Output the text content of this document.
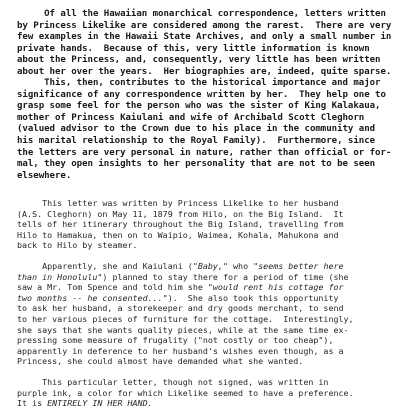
Of all the Hawaiian monarchical correspondence, letters written
by Princess Likelike are considered among the rarest.  There are very
few examples in the Hawaii State Archives, and only a small number in
private hands.  Because of this, very little information is known
about the Princess, and, consequently, very little has been written
about her over the years.  Her biographies are, indeed, quite sparse.
This, then, contributes to the historical importance and major
significance of any correspondence written by her.  They help one to
grasp some feel for the person who was the sister of King Kalakaua,
mother of Princess Kaiulani and wife of Archibald Scott Cleghorn
(valued advisor to the Crown due to his place in the community and
his marital relationship to the Royal Family).  Furthermore, since
the letters are very personal in nature, rather than official or for-
mal, they open insights to her personality that are not to be seen
elsewhere.
This letter was written by Princess Likelike to her husband
(A.S. Cleghorn) on May 11, 1879 from Hilo, on the Big Island.  It
tells of her itinerary throughout the Big Island, travelling from
Hilo to Hamakua, then on to Waipio, Waimea, Kohala, Mahukona and
back to Hilo by steamer.
Apparently, she and Kaiulani ("Baby," who "seems better here
than in Honolulu") planned to stay there for a period of time (she
saw a Mr. Tom Spence and told him she "would rent his cottage for
two months -- he consented...").  She also took this opportunity
to ask her husband, a storekeeper and dry goods merchant, to send
to her various pieces of furniture for the cottage.  Interestingly,
she says that she wants quality pieces, while at the same time ex-
pressing some measure of frugality ("not costly or too cheap"),
apparently in deference to her husband's wishes even though, as a
Princess, she could almost have demanded what she wanted.
This particular letter, though not signed, was written in
purple ink, a color for which Likelike seemed to have a preference.
It is ENTIRELY IN HER HAND.
